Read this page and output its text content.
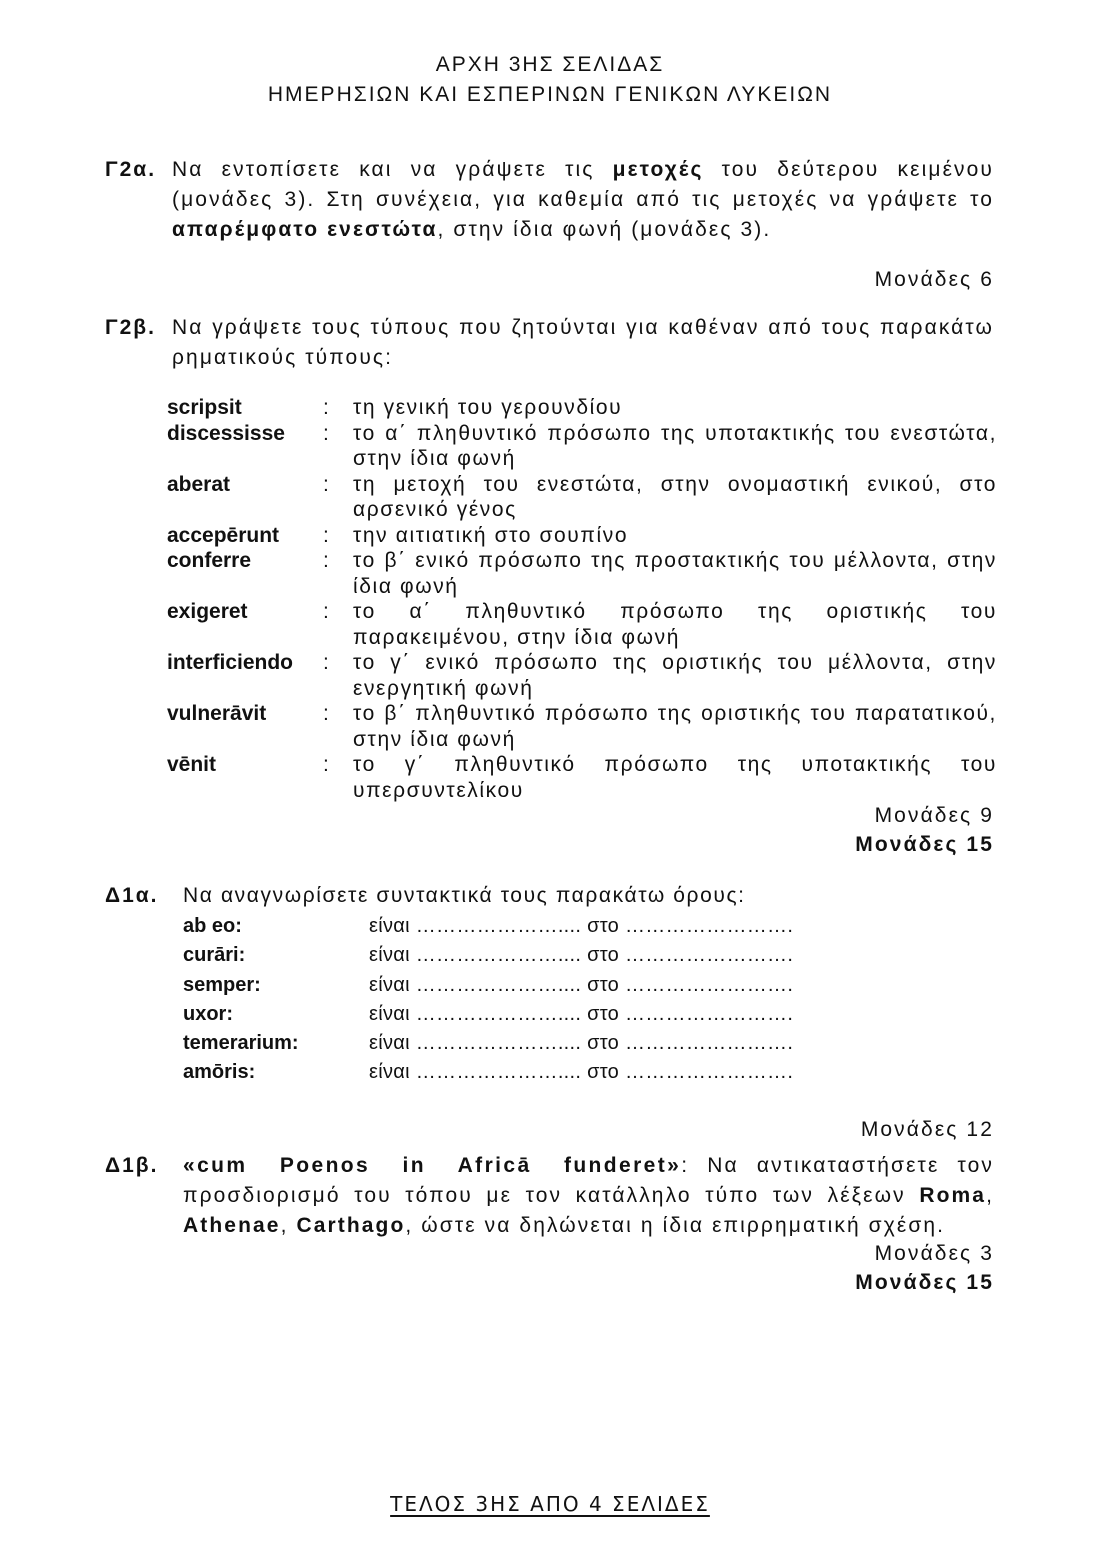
ΑΡΧΗ 3ΗΣ ΣΕΛΙΔΑΣ
ΗΜΕΡΗΣΙΩΝ ΚΑΙ ΕΣΠΕΡΙΝΩΝ ΓΕΝΙΚΩΝ ΛΥΚΕΙΩΝ
Γ2α. Να εντοπίσετε και να γράψετε τις μετοχές του δεύτερου κειμένου (μονάδες 3). Στη συνέχεια, για καθεμία από τις μετοχές να γράψετε το απαρέμφατο ενεστώτα, στην ίδια φωνή (μονάδες 3).

Μονάδες 6
Γ2β. Να γράψετε τους τύπους που ζητούνται για καθέναν από τους παρακάτω ρηματικούς τύπους:

scripsit	:	τη γενική του γερουνδίου
discessisse	:	το α΄ πληθυντικό πρόσωπο της υποτακτικής του ενεστώτα, στην ίδια φωνή
aberat	:	τη μετοχή του ενεστώτα, στην ονομαστική ενικού, στο αρσενικό γένος
accepērunt	:	την αιτιατική στο σουπίνο
conferre	:	το β΄ ενικό πρόσωπο της προστακτικής του μέλλοντα, στην ίδια φωνή
exigeret	:	το α΄ πληθυντικό πρόσωπο της οριστικής του παρακειμένου, στην ίδια φωνή
interficiendo	:	το γ΄ ενικό πρόσωπο της οριστικής του μέλλοντα, στην ενεργητική φωνή
vulnerāvit	:	το β΄ πληθυντικό πρόσωπο της οριστικής του παρατατικού, στην ίδια φωνή
vēnit	:	το γ΄ πληθυντικό πρόσωπο της υποτακτικής του υπερσυντελίκου
Μονάδες 9
Μονάδες 15
Δ1α. Να αναγνωρίσετε συντακτικά τους παρακάτω όρους:
ab eo:	είναι ………………….... στο …………………….
curāri:	είναι ………………….... στο …………………….
semper:	είναι ………………….... στο …………………….
uxor:	είναι ………………….... στο …………………….
temerarium:	είναι ………………….... στο …………………….
amōris:	είναι ………………….... στο …………………….
Μονάδες 12
Δ1β. «cum Poenos in Africā funderet»: Να αντικαταστήσετε τον προσδιορισμό του τόπου με τον κατάλληλο τύπο των λέξεων Roma, Athenae, Carthago, ώστε να δηλώνεται η ίδια επιρρηματική σχέση.

Μονάδες 3
Μονάδες 15
ΤΕΛΟΣ 3ΗΣ ΑΠΟ 4 ΣΕΛΙΔΕΣ
